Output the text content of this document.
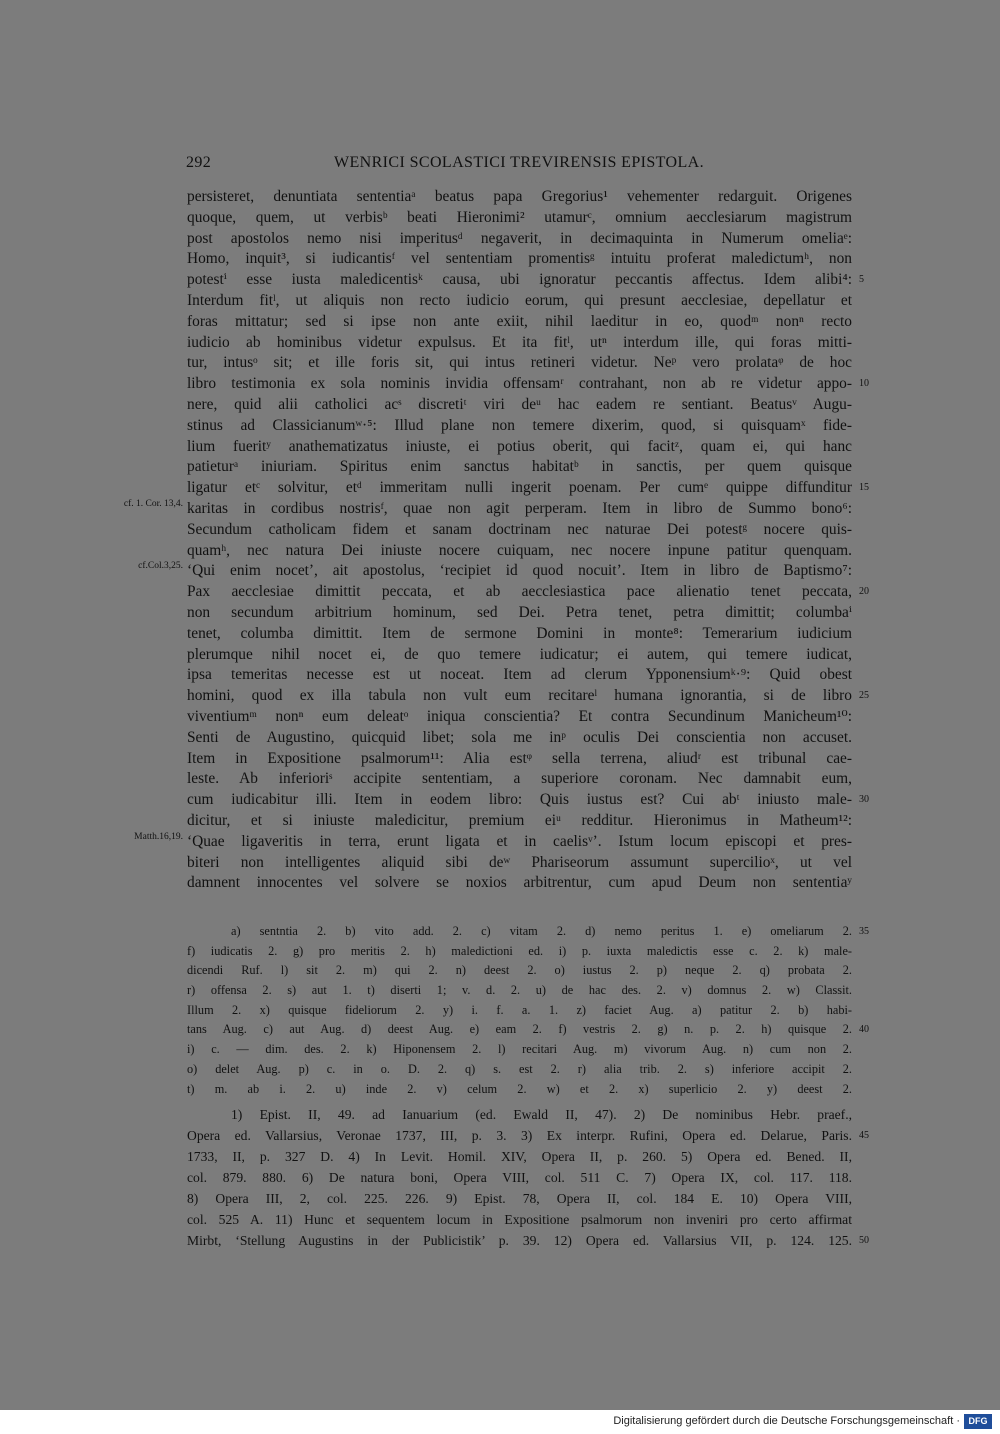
292	WENRICI SCOLASTICI TREVIRENSIS EPISTOLA.
persisteret, denuntiata sententiaᵃ beatus papa Gregorius¹ vehementer redarguit. Origenes
quoque, quem, ut verbisᵇ beati Hieronimi² utamurᶜ, omnium aecclesiarum magistrum
post apostolos nemo nisi imperitusᵈ negaverit, in decimaquinta in Numerum omeliaᵉ:
Homo, inquit³, si iudicantisᶠ vel sententiam promentisᵍ intuitu proferat maledictumʰ, non
potestⁱ esse iusta maledicentisᵏ causa, ubi ignoratur peccantis affectus. Idem alibi⁴: 5
Interdum fitˡ, ut aliquis non recto iudicio eorum, qui presunt aecclesiae, depellatur et
foras mittatur; sed si ipse non ante exiit, nihil laeditur in eo, quodᵐ nonⁿ recto
iudicio ab hominibus videtur expulsus. Et ita fitˡ, utⁿ interdum ille, qui foras mitti-
tur, intusᵒ sit; et ille foris sit, qui intus retineri videtur. Neᵖ vero prolataᵠ de hoc
libro testimonia ex sola nominis invidia offensamʳ contrahant, non ab re videtur appo- 10
nere, quid alii catholici acˢ discretiᵗ viri deᵘ hac eadem re sentiant. Beatusᵛ Augu-
stinus ad Classicianumʷ·⁵: Illud plane non temere dixerim, quod, si quisquamˣ fide-
lium fueritʸ anathematizatus iniuste, ei potius oberit, qui facitᶻ, quam ei, qui hanc
patieturᵃ iniuriam. Spiritus enim sanctus habitatᵇ in sanctis, per quem quisque
ligatur etᶜ solvitur, etᵈ immeritam nulli ingerit poenam. Per cumᵉ quippe diffunditur 15
karitas in cordibus nostrisᶠ, quae non agit perperam. Item in libro de Summo bono⁶:
cf. 1. Cor. 13,4.
Secundum catholicam fidem et sanam doctrinam nec naturae Dei potestᵍ nocere quis-
quamʰ, nec natura Dei iniuste nocere cuiquam, nec nocere inpune patitur quenquam.
‘Qui enim nocet’, ait apostolus, ‘recipiet id quod nocuit’. Item in libro de Baptismo⁷:
cf.Col.3,25.
Pax aecclesiae dimittit peccata, et ab aecclesiastica pace alienatio tenet peccata, 20
non secundum arbitrium hominum, sed Dei. Petra tenet, petra dimittit; columbaⁱ
tenet, columba dimittit. Item de sermone Domini in monte⁸: Temerarium iudicium
plerumque nihil nocet ei, de quo temere iudicatur; ei autem, qui temere iudicat,
ipsa temeritas necesse est ut noceat. Item ad clerum Ypponensiumᵏ·⁹: Quid obest
homini, quod ex illa tabula non vult eum recitareˡ humana ignorantia, si de libro 25
viventiumᵐ nonⁿ eum deleatᵒ iniqua conscientia? Et contra Secundinum Manicheum¹⁰:
Senti de Augustino, quicquid libet; sola me inᵖ oculis Dei conscientia non accuset.
Item in Expositione psalmorum¹¹: Alia estᵠ sella terrena, aliudʳ est tribunal cae-
leste. Ab inferioriˢ accipite sententiam, a superiore coronam. Nec damnabit eum,
cum iudicabitur illi. Item in eodem libro: Quis iustus est? Cui abᵗ iniusto male- 30
dicitur, et si iniuste maledicitur, premium eiᵘ redditur. Hieronimus in Matheum¹²:
‘Quae ligaveritis in terra, erunt ligata et in caelisᵛ’. Istum locum episcopi et pres-
Matth.16,19.
biteri non intelligentes aliquid sibi deʷ Phariseorum assumunt supercilioˣ, ut vel
damnent innocentes vel solvere se noxios arbitrentur, cum apud Deum non sententiaʸ
a) sentntia 2. b) vito add. 2. c) vitam 2. d) nemo peritus 1. e) omeliarum 2. 35
f) iudicatis 2. g) pro meritis 2. h) maledictioni ed. i) p. iuxta maledictis esse c. 2. k) male-
dicendi Ruf. l) sit 2. m) qui 2. n) deest 2. o) iustus 2. p) neque 2. q) probata 2.
r) offensa 2. s) aut 1. t) diserti 1; v. d. 2. u) de hac des. 2. v) domnus 2. w) Classit.
Illum 2. x) quisque fideliorum 2. y) i. f. a. 1. z) faciet Aug. a) patitur 2. b) habi-
tans Aug. c) aut Aug. d) deest Aug. e) eam 2. f) vestris 2. g) n. p. 2. h) quisque 2. 40
i) c. — dim. des. 2. k) Hiponensem 2. l) recitari Aug. m) vivorum Aug. n) cum non 2.
o) delet Aug. p) c. in o. D. 2. q) s. est 2. r) alia trib. 2. s) inferiore accipit 2.
t) m. ab i. 2. u) inde 2. v) celum 2. w) et 2. x) superlicio 2. y) deest 2.
1) Epist. II, 49. ad Ianuarium (ed. Ewald II, 47). 2) De nominibus Hebr. praef.,
Opera ed. Vallarsius, Veronae 1737, III, p. 3. 3) Ex interpr. Rufini, Opera ed. Delarue, Paris. 45
1733, II, p. 327 D. 4) In Levit. Homil. XIV, Opera II, p. 260. 5) Opera ed. Bened. II,
col. 879. 880. 6) De natura boni, Opera VIII, col. 511 C. 7) Opera IX, col. 117. 118.
8) Opera III, 2, col. 225. 226. 9) Epist. 78, Opera II, col. 184 E. 10) Opera VIII,
col. 525 A. 11) Hunc et sequentem locum in Expositione psalmorum non inveniri pro certo affirmat
Mirbt, ‘Stellung Augustins in der Publicistik’ p. 39. 12) Opera ed. Vallarsius VII, p. 124. 125. 50
Digitalisierung gefördert durch die Deutsche Forschungsgemeinschaft · DFG
